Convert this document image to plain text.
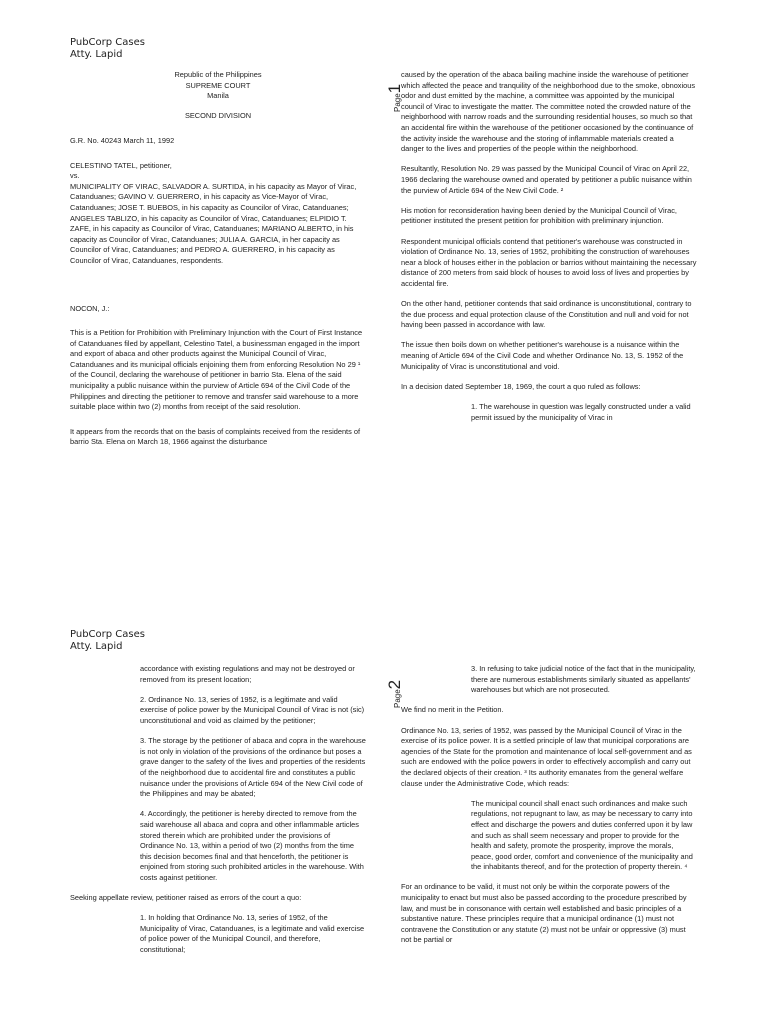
PubCorp Cases
Atty. Lapid
Page1

Republic of the Philippines

SUPREME COURT

Manila

SECOND DIVISION

G.R. No. 40243 March 11, 1992

CELESTINO TATEL, petitioner,

vs.

MUNICIPALITY OF VIRAC, SALVADOR A. SURTIDA, in his capacity as Mayor of Virac, Catanduanes; GAVINO V. GUERRERO, in his capacity as Vice-Mayor of Virac, Catanduanes; JOSE T. BUEBOS, in his capacity as Councilor of Virac, Catanduanes; ANGELES TABLIZO, in his capacity as Councilor of Virac, Catanduanes; ELPIDIO T. ZAFE, in his capacity as Councilor of Virac, Catanduanes; MARIANO ALBERTO, in his capacity as Councilor of Virac, Catanduanes; JULIA A. GARCIA, in her capacity as Councilor of Virac, Catanduanes; and PEDRO A. GUERRERO, in his capacity as Councilor of Virac, Catanduanes, respondents.

NOCON, J.:

This is a Petition for Prohibition with Preliminary Injunction with the Court of First Instance of Catanduanes filed by appellant, Celestino Tatel, a businessman engaged in the import and export of abaca and other products against the Municipal Council of Virac, Catanduanes and its municipal officials enjoining them from enforcing Resolution No 29 ¹ of the Council, declaring the warehouse of petitioner in barrio Sta. Elena of the said municipality a public nuisance within the purview of Article 694 of the Civil Code of the Philippines and directing the petitioner to remove and transfer said warehouse to a more suitable place within two (2) months from receipt of the said resolution.

It appears from the records that on the basis of complaints received from the residents of barrio Sta. Elena on March 18, 1966 against the disturbance

caused by the operation of the abaca bailing machine inside the warehouse of petitioner which affected the peace and tranquility of the neighborhood due to the smoke, obnoxious odor and dust emitted by the machine, a committee was appointed by the municipal council of Virac to investigate the matter. The committee noted the crowded nature of the neighborhood with narrow roads and the surrounding residential houses, so much so that an accidental fire within the warehouse of the petitioner occasioned by the continuance of the activity inside the warehouse and the storing of inflammable materials created a danger to the lives and properties of the people within the neighborhood.

Resultantly, Resolution No. 29 was passed by the Municipal Council of Virac on April 22, 1966 declaring the warehouse owned and operated by petitioner a public nuisance within the purview of Article 694 of the New Civil Code. ²

His motion for reconsideration having been denied by the Municipal Council of Virac, petitioner instituted the present petition for prohibition with preliminary injunction.

Respondent municipal officials contend that petitioner's warehouse was constructed in violation of Ordinance No. 13, series of 1952, prohibiting the construction of warehouses near a block of houses either in the poblacion or barrios without maintaining the necessary distance of 200 meters from said block of houses to avoid loss of lives and properties by accidental fire.

On the other hand, petitioner contends that said ordinance is unconstitutional, contrary to the due process and equal protection clause of the Constitution and null and void for not having been passed in accordance with law.

The issue then boils down on whether petitioner's warehouse is a nuisance within the meaning of Article 694 of the Civil Code and whether Ordinance No. 13, S. 1952 of the Municipality of Virac is unconstitutional and void.

In a decision dated September 18, 1969, the court a quo ruled as follows:

1. The warehouse in question was legally constructed under a valid permit issued by the municipality of Virac in

PubCorp Cases
Atty. Lapid
Page2

accordance with existing regulations and may not be destroyed or removed from its present location;

2. Ordinance No. 13, series of 1952, is a legitimate and valid exercise of police power by the Municipal Council of Virac is not (sic) unconstitutional and void as claimed by the petitioner;

3. The storage by the petitioner of abaca and copra in the warehouse is not only in violation of the provisions of the ordinance but poses a grave danger to the safety of the lives and properties of the residents of the neighborhood due to accidental fire and constitutes a public nuisance under the provisions of Article 694 of the New Civil code of the Philippines and may be abated;

4. Accordingly, the petitioner is hereby directed to remove from the said warehouse all abaca and copra and other inflammable articles stored therein which are prohibited under the provisions of Ordinance No. 13, within a period of two (2) months from the time this decision becomes final and that henceforth, the petitioner is enjoined from storing such prohibited articles in the warehouse. With costs against petitioner.

Seeking appellate review, petitioner raised as errors of the court a quo:

1. In holding that Ordinance No. 13, series of 1952, of the Municipality of Virac, Catanduanes, is a legitimate and valid exercise of police power of the Municipal Council, and therefore, constitutional;

3. In refusing to take judicial notice of the fact that in the municipality, there are numerous establishments similarly situated as appellants' warehouses but which are not prosecuted.

We find no merit in the Petition.

Ordinance No. 13, series of 1952, was passed by the Municipal Council of Virac in the exercise of its police power. It is a settled principle of law that municipal corporations are agencies of the State for the promotion and maintenance of local self-government and as such are endowed with the police powers in order to effectively accomplish and carry out the declared objects of their creation. ³ Its authority emanates from the general welfare clause under the Administrative Code, which reads:

The municipal council shall enact such ordinances and make such regulations, not repugnant to law, as may be necessary to carry into effect and discharge the powers and duties conferred upon it by law and such as shall seem necessary and proper to provide for the health and safety, promote the prosperity, improve the morals, peace, good order, comfort and convenience of the municipality and the inhabitants thereof, and for the protection of property therein. ⁴

For an ordinance to be valid, it must not only be within the corporate powers of the municipality to enact but must also be passed according to the procedure prescribed by law, and must be in consonance with certain well established and basic principles of a substantive nature. These principles require that a municipal ordinance (1) must not contravene the Constitution or any statute (2) must not be unfair or oppressive (3) must not be partial or
